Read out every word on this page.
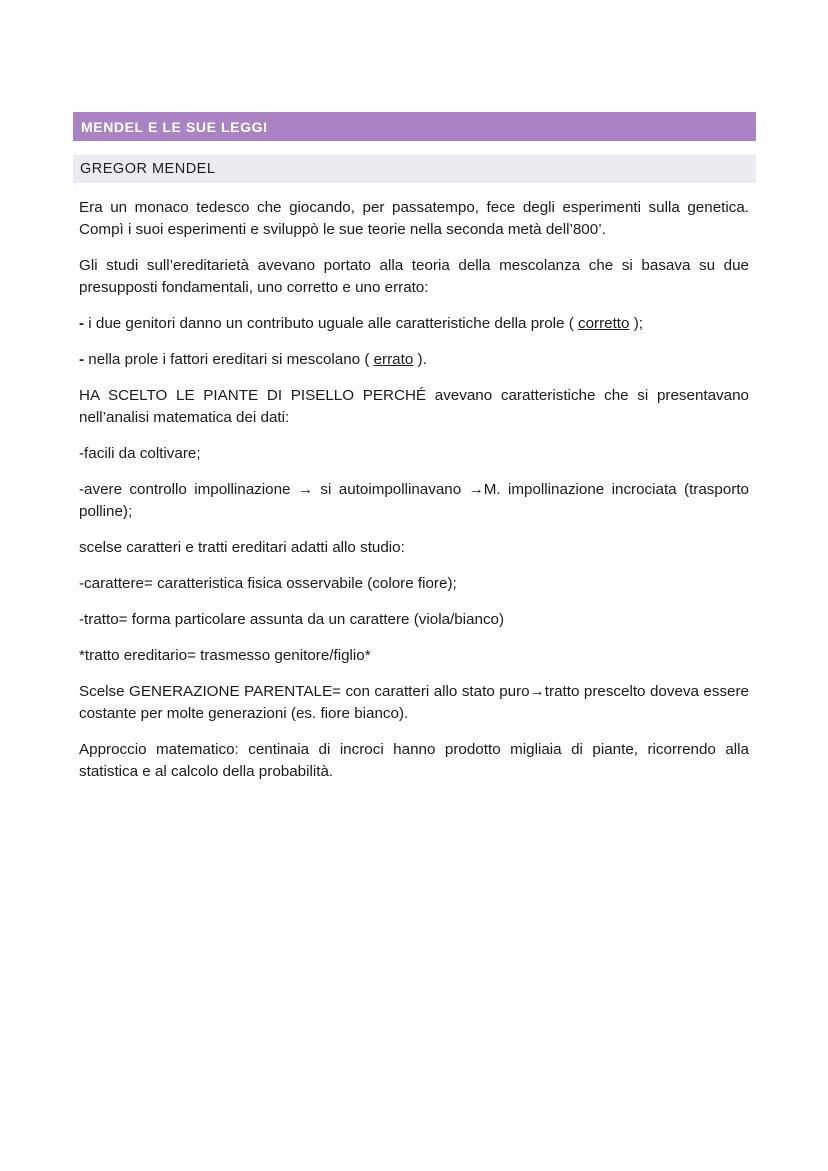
MENDEL E LE SUE LEGGI
GREGOR MENDEL

Era un monaco tedesco che giocando, per passatempo, fece degli esperimenti sulla genetica. Compì i suoi esperimenti e sviluppò le sue teorie nella seconda metà dell’800’.

Gli studi sull’ereditarietà avevano portato alla teoria della mescolanza che si basava su due presupposti fondamentali, uno corretto e uno errato:

- i due genitori danno un contributo uguale alle caratteristiche della prole ( corretto );

- nella prole i fattori ereditari si mescolano ( errato ).

HA SCELTO LE PIANTE DI PISELLO PERCHÉ avevano caratteristiche che si presentavano nell’analisi matematica dei dati:

-facili da coltivare;

-avere controllo impollinazione → si autoimpollinavano →M. impollinazione incrociata (trasporto polline);

scelse caratteri e tratti ereditari adatti allo studio:

-carattere= caratteristica fisica osservabile (colore fiore);

-tratto= forma particolare assunta da un carattere (viola/bianco)

*tratto ereditario= trasmesso genitore/figlio*

Scelse GENERAZIONE PARENTALE= con caratteri allo stato puro→tratto prescelto doveva essere costante per molte generazioni (es. fiore bianco).

Approccio matematico: centinaia di incroci hanno prodotto migliaia di piante, ricorrendo alla statistica e al calcolo della probabilità.
